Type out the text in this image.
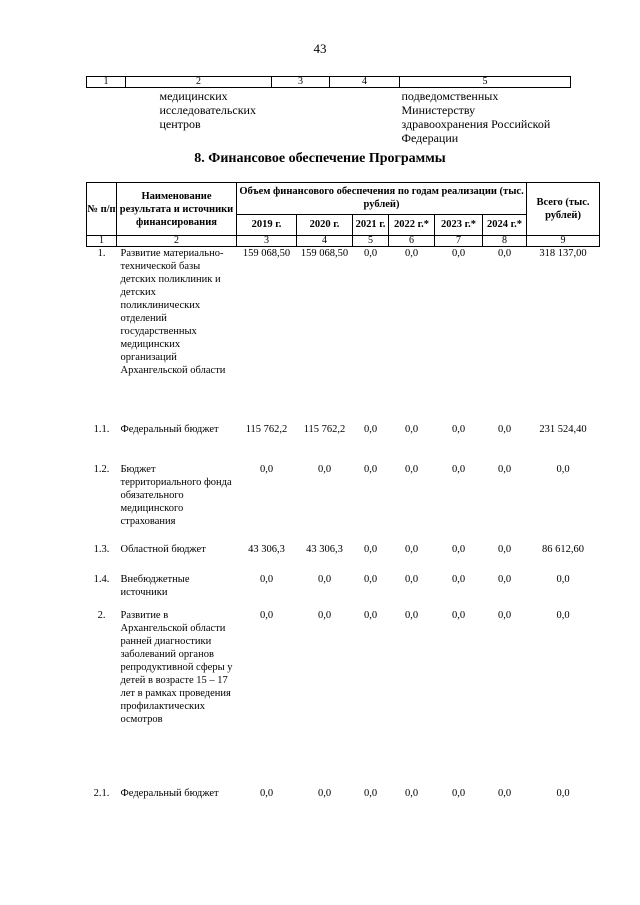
43
1	2	3	4	5
	медицинских
исследовательских
центров			подведомственных Министерству
здравоохранения Российской
Федерации
8. Финансовое обеспечение Программы
№ п/п	Наименование результата и источники финансирования	Объем финансового обеспечения по годам реализации (тыс. рублей)						Всего (тыс. рублей)
		2019 г.	2020 г.	2021 г.	2022 г.*	2023 г.*	2024 г.*	
1	2	3	4	5	6	7	8	9
1.	Развитие материально-технической базы детских поликлиник и детских поликлинических отделений государственных медицинских организаций Архангельской области	159 068,50	159 068,50	0,0	0,0	0,0	0,0	318 137,00
1.1.	Федеральный бюджет	115 762,2	115 762,2	0,0	0,0	0,0	0,0	231 524,40
1.2.	Бюджет территориального фонда обязательного медицинского страхования	0,0	0,0	0,0	0,0	0,0	0,0	0,0
1.3.	Областной бюджет	43 306,3	43 306,3	0,0	0,0	0,0	0,0	86 612,60
1.4.	Внебюджетные источники	0,0	0,0	0,0	0,0	0,0	0,0	0,0
2.	Развитие в Архангельской области ранней диагностики заболеваний органов репродуктивной сферы у детей в возрасте 15 – 17 лет в рамках проведения профилактических осмотров	0,0	0,0	0,0	0,0	0,0	0,0	0,0
2.1.	Федеральный бюджет	0,0	0,0	0,0	0,0	0,0	0,0	0,0
